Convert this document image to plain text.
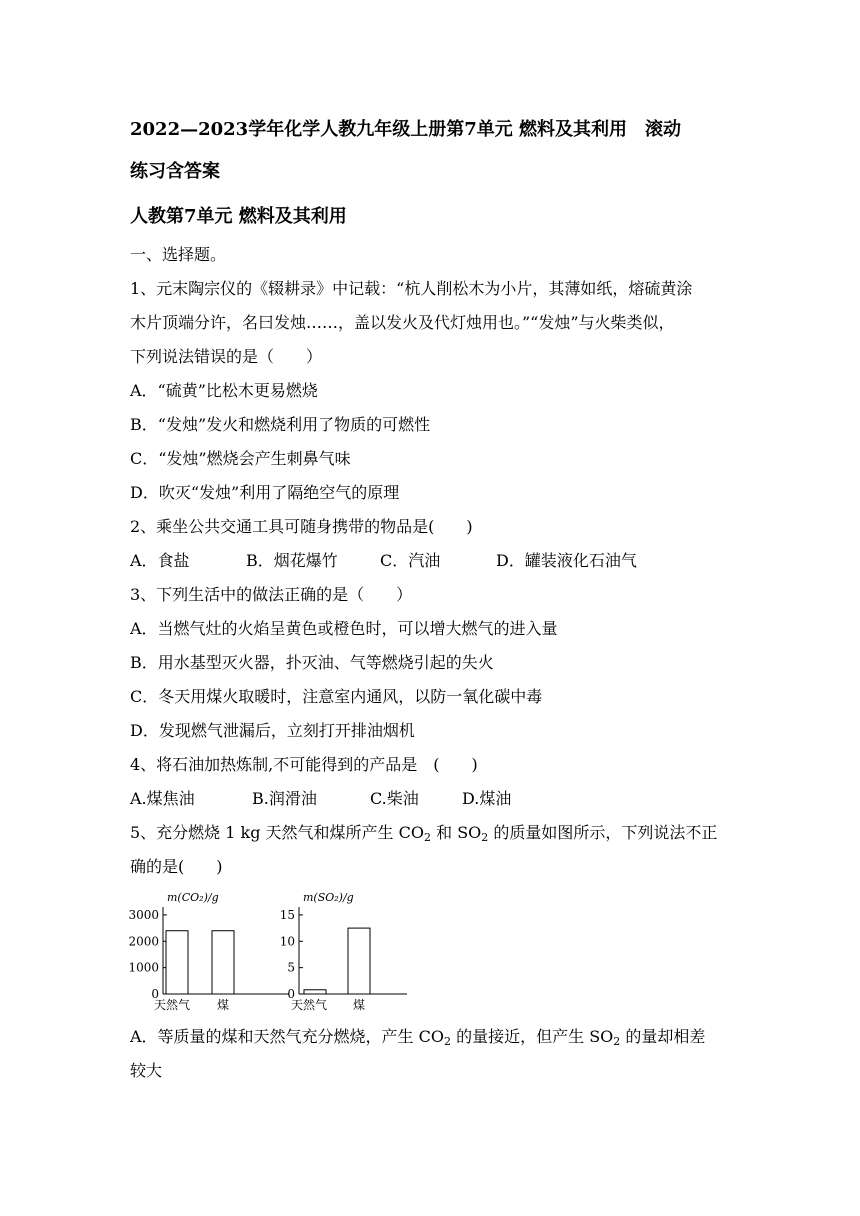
2022—2023学年化学人教九年级上册第7单元 燃料及其利用　滚动
练习含答案
人教第7单元 燃料及其利用
一、选择题。
1、元末陶宗仪的《辍耕录》中记载：“杭人削松木为小片，其薄如纸，熔硫黄涂
木片顶端分许，名曰发烛……，盖以发火及代灯烛用也。”“发烛”与火柴类似，
下列说法错误的是（　　）
A．“硫黄”比松木更易燃烧
B．“发烛”发火和燃烧利用了物质的可燃性
C．“发烛”燃烧会产生刺鼻气味
D．吹灭“发烛”利用了隔绝空气的原理
2、乘坐公共交通工具可随身携带的物品是(　　)
A．食盐	B．烟花爆竹	C．汽油	D．罐装液化石油气
3、下列生活中的做法正确的是（　　）
A．当燃气灶的火焰呈黄色或橙色时，可以增大燃气的进入量
B．用水基型灭火器，扑灭油、气等燃烧引起的失火
C．冬天用煤火取暖时，注意室内通风，以防一氧化碳中毒
D．发现燃气泄漏后，立刻打开排油烟机
4、将石油加热炼制,不可能得到的产品是　(　　)
A.煤焦油	B.润滑油	C.柴油	D.煤油
5、充分燃烧 1 kg 天然气和煤所产生 $CO_2$ 和 $SO_2$ 的质量如图所示，下列说法不正
确的是(　　)
m(CO₂)/g
0
1000
2000
3000
天然气 煤
m(SO₂)/g
0
5
10
15
天然气 煤
A．等质量的煤和天然气充分燃烧，产生 $CO_2$ 的量接近，但产生 $SO_2$ 的量却相差
较大
